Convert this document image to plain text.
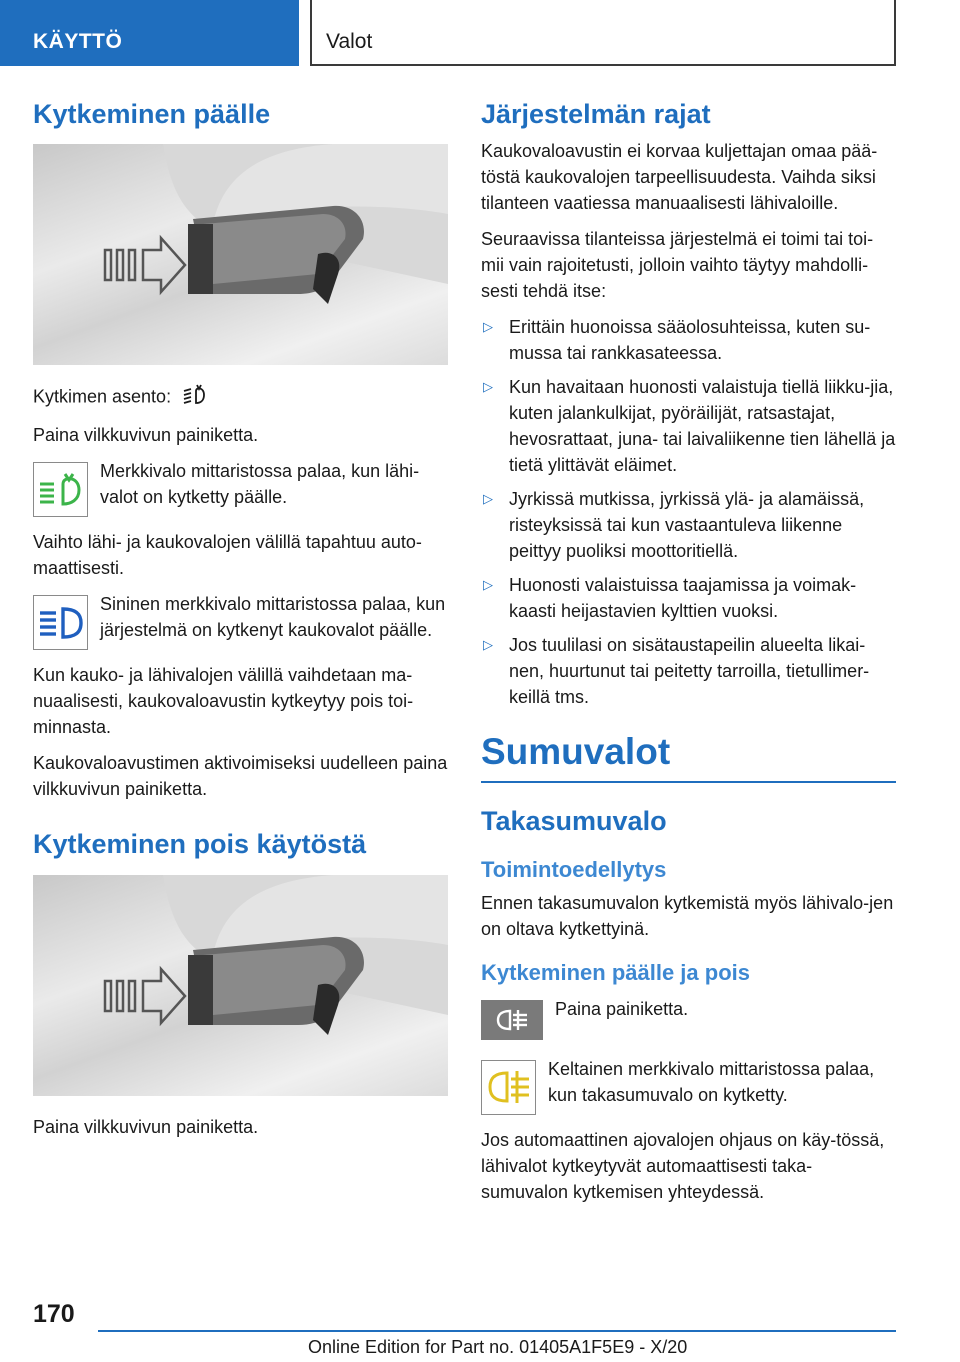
KÄYTTÖ	Valot
Kytkeminen päälle

Kytkimen asento:

Paina vilkkuvivun painiketta.

Merkkivalo mittaristossa palaa, kun lähi-valot on kytketty päälle.

Vaihto lähi- ja kaukovalojen välillä tapahtuu auto-maattisesti.

Sininen merkkivalo mittaristossa palaa, kun järjestelmä on kytkenyt kaukovalot päälle.

Kun kauko- ja lähivalojen välillä vaihdetaan ma-nuaalisesti, kaukovaloavustin kytkeytyy pois toi-minnasta.

Kaukovaloavustimen aktivoimiseksi uudelleen paina vilkkuvivun painiketta.

Kytkeminen pois käytöstä

Paina vilkkuvivun painiketta.

Järjestelmän rajat

Kaukovaloavustin ei korvaa kuljettajan omaa pää-töstä kaukovalojen tarpeellisuudesta. Vaihda siksi tilanteen vaatiessa manuaalisesti lähivaloille.

Seuraavissa tilanteissa järjestelmä ei toimi tai toi-mii vain rajoitetusti, jolloin vaihto täytyy mahdolli-sesti tehdä itse:

▷ Erittäin huonoissa sääolosuhteissa, kuten su-mussa tai rankkasateessa.
▷ Kun havaitaan huonosti valaistuja tiellä liikku-jia, kuten jalankulkijat, pyöräilijät, ratsastajat, hevosrattaat, juna- tai laivaliikenne tien lähellä ja tietä ylittävät eläimet.
▷ Jyrkissä mutkissa, jyrkissä ylä- ja alamäissä, risteyksissä tai kun vastaantuleva liikenne peittyy puoliksi moottoritiellä.
▷ Huonosti valaistuissa taajamissa ja voimak-kaasti heijastavien kylttien vuoksi.
▷ Jos tuulilasi on sisätaustapeilin alueelta likai-nen, huurtunut tai peitetty tarroilla, tietullimer-keillä tms.
Sumuvalot
Takasumuvalo
Toimintoedellytys

Ennen takasumuvalon kytkemistä myös lähivalo-jen on oltava kytkettyinä.

Kytkeminen päälle ja pois

Paina painiketta.

Keltainen merkkivalo mittaristossa palaa, kun takasumuvalo on kytketty.

Jos automaattinen ajovalojen ohjaus on käy-tössä, lähivalot kytkeytyvät automaattisesti taka-sumuvalon kytkemisen yhteydessä.

170
Online Edition for Part no. 01405A1F5E9 - X/20
